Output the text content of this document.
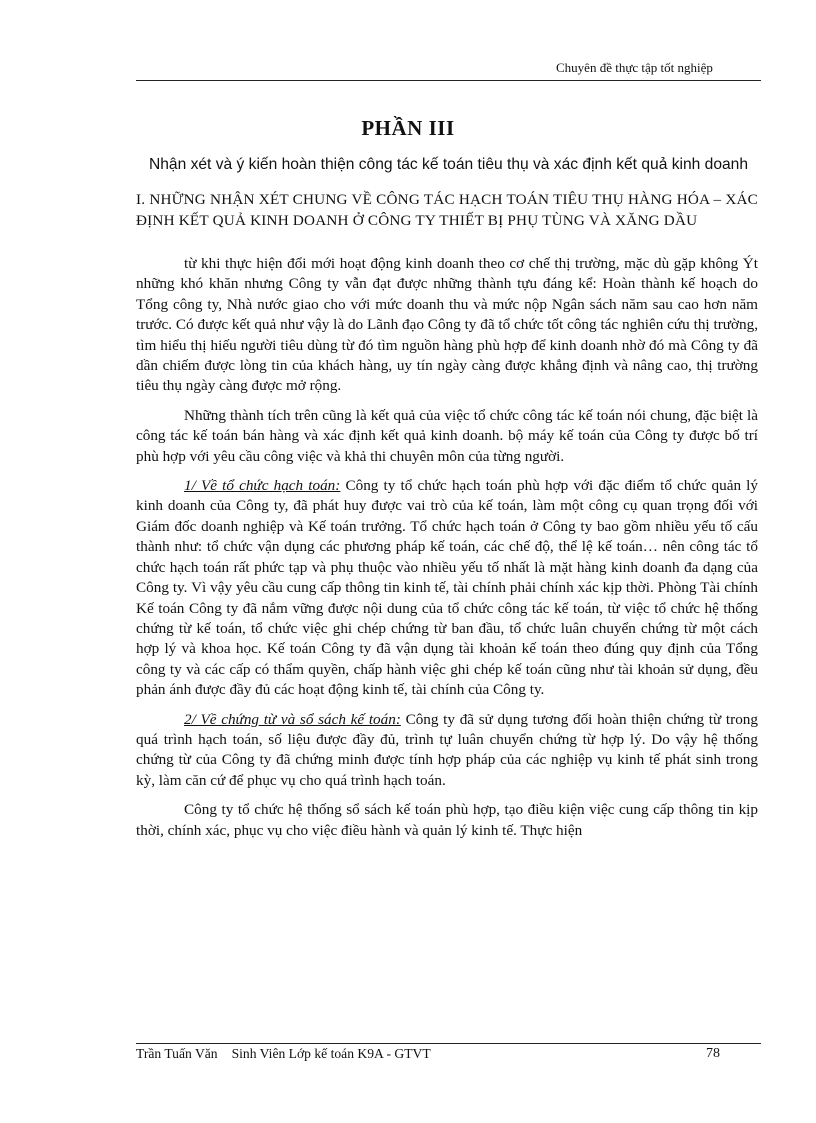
Chuyên đề thực tập tốt nghiệp
PHẦN III
Nhận xét và ý kiến hoàn thiện công tác kế toán tiêu thụ và xác định kết quả kinh doanh
I. NHỮNG NHẬN XÉT CHUNG VỀ CÔNG TÁC HẠCH TOÁN TIÊU THỤ HÀNG HÓA – XÁC ĐỊNH KẾT QUẢ KINH DOANH Ở CÔNG TY THIẾT BỊ PHỤ TÙNG VÀ XĂNG DẦU

từ khi thực hiện đổi mới hoạt động kinh doanh theo cơ chế thị trường, mặc dù gặp không Ýt những khó khăn nhưng Công ty vẫn đạt được những thành tựu đáng kể: Hoàn thành kế hoạch do Tổng công ty, Nhà nước giao cho với mức doanh thu và mức nộp Ngân sách năm sau cao hơn năm trước. Có được kết quả như vậy là do Lãnh đạo Công ty đã tổ chức tốt công tác nghiên cứu thị trường, tìm hiểu thị hiếu người tiêu dùng từ đó tìm nguồn hàng phù hợp để kinh doanh nhờ đó mà Công ty đã dần chiếm được lòng tin của khách hàng, uy tín ngày càng được khẳng định và nâng cao, thị trường tiêu thụ ngày càng được mở rộng.

Những thành tích trên cũng là kết quả của việc tổ chức công tác kế toán nói chung, đặc biệt là công tác kế toán bán hàng và xác định kết quả kinh doanh. bộ máy kế toán của Công ty được bố trí phù hợp với yêu cầu công việc và khả thi chuyên môn của từng người.

1/ Về tổ chức hạch toán: Công ty tổ chức hạch toán phù hợp với đặc điểm tổ chức quản lý kinh doanh của Công ty, đã phát huy được vai trò của kế toán, làm một công cụ quan trọng đối với Giám đốc doanh nghiệp và Kế toán trưởng. Tổ chức hạch toán ở Công ty bao gồm nhiều yếu tố cấu thành như: tổ chức vận dụng các phương pháp kế toán, các chế độ, thể lệ kế toán… nên công tác tổ chức hạch toán rất phức tạp và phụ thuộc vào nhiều yếu tố nhất là mặt hàng kinh doanh đa dạng của Công ty. Vì vậy yêu cầu cung cấp thông tin kinh tế, tài chính phải chính xác kịp thời. Phòng Tài chính Kế toán Công ty đã nắm vững được nội dung của tổ chức công tác kế toán, từ việc tổ chức hệ thống chứng từ kế toán, tổ chức việc ghi chép chứng từ ban đầu, tổ chức luân chuyển chứng từ một cách hợp lý và khoa học. Kế toán Công ty đã vận dụng tài khoản kế toán theo đúng quy định của Tổng công ty và các cấp có thẩm quyền, chấp hành việc ghi chép kế toán cũng như tài khoản sử dụng, đều phản ánh được đầy đủ các hoạt động kinh tế, tài chính của Công ty.

2/ Về chứng từ và sổ sách kế toán: Công ty đã sử dụng tương đối hoàn thiện chứng từ trong quá trình hạch toán, số liệu được đầy đủ, trình tự luân chuyển chứng từ hợp lý. Do vậy hệ thống chứng từ của Công ty đã chứng minh được tính hợp pháp của các nghiệp vụ kinh tế phát sinh trong kỳ, làm căn cứ để phục vụ cho quá trình hạch toán.

Công ty tổ chức hệ thống sổ sách kế toán phù hợp, tạo điều kiện việc cung cấp thông tin kịp thời, chính xác, phục vụ cho việc điều hành và quản lý kinh tế. Thực hiện

Trần Tuấn Văn Sinh Viên Lớp kế toán K9A - GTVT	78
